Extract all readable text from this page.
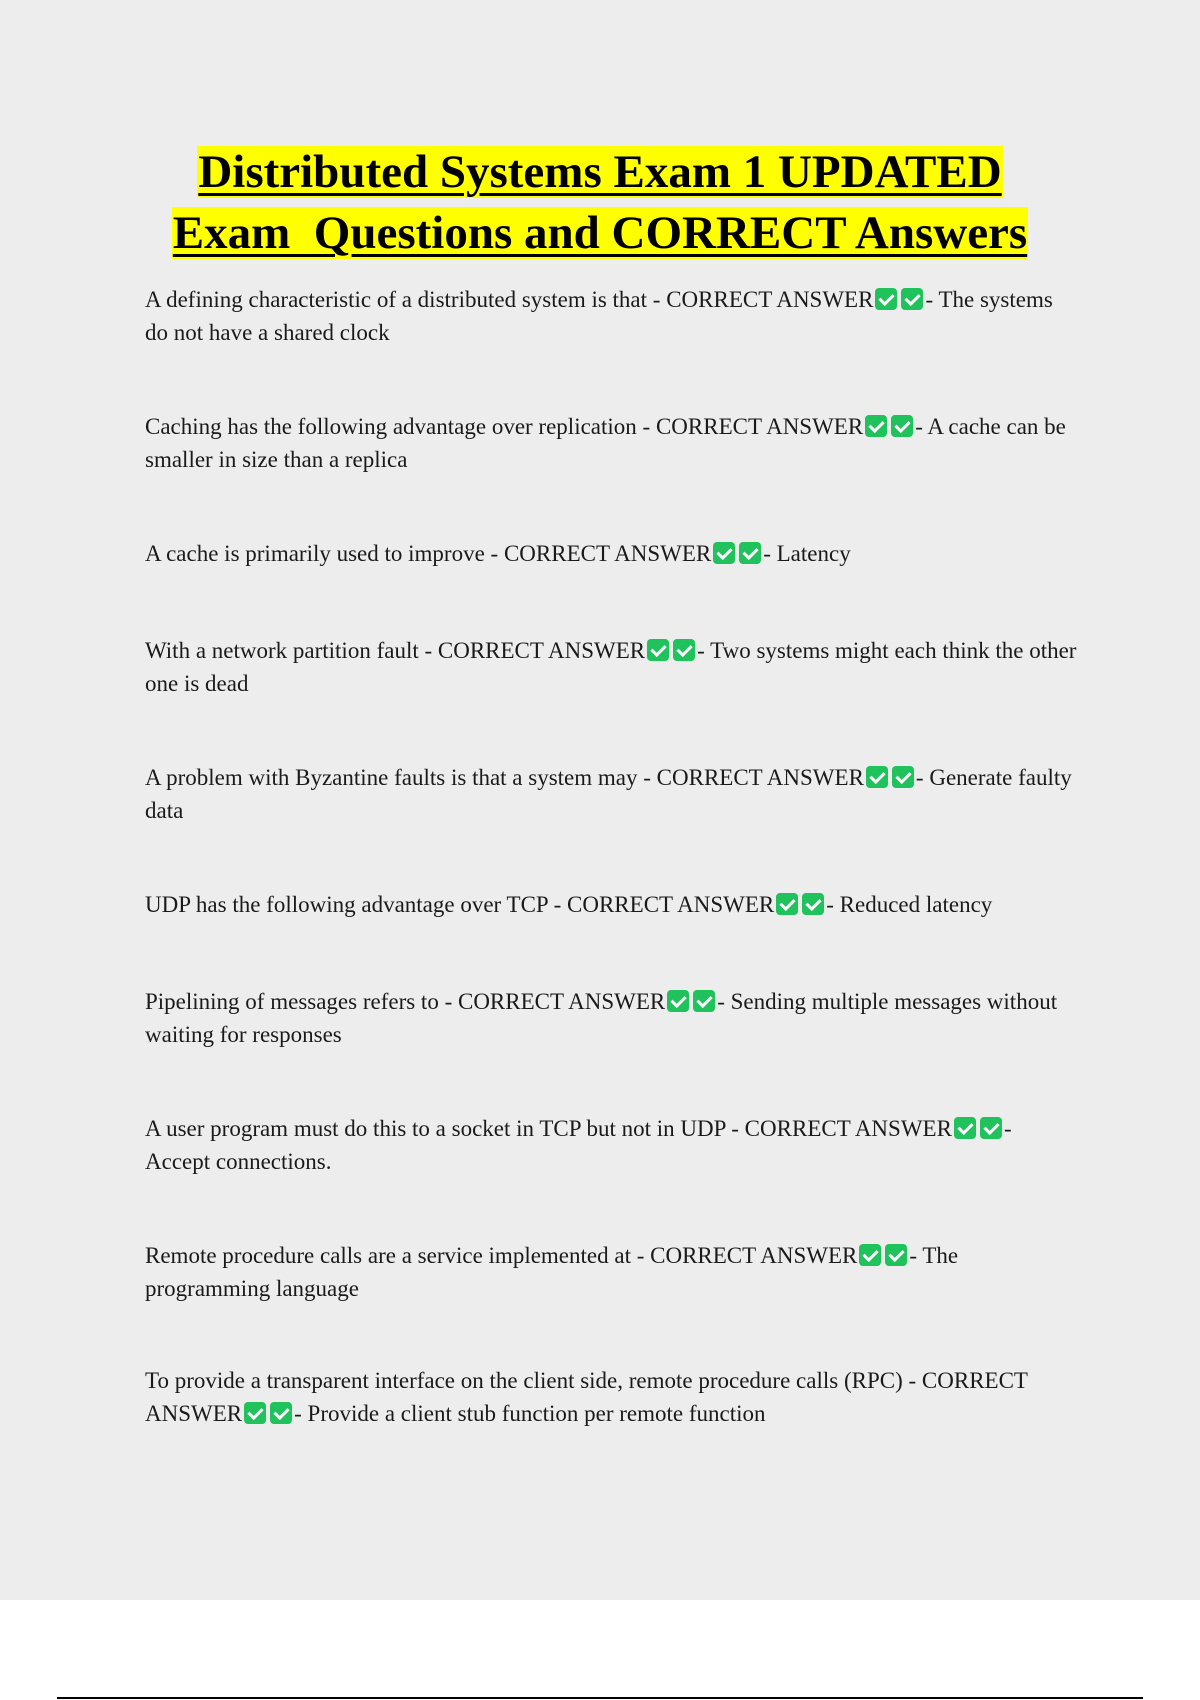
Distributed Systems Exam 1 UPDATED
Exam  Questions and CORRECT Answers
A defining characteristic of a distributed system is that - CORRECT ANSWER - The systems do not have a shared clock
Caching has the following advantage over replication - CORRECT ANSWER - A cache can be smaller in size than a replica
A cache is primarily used to improve - CORRECT ANSWER - Latency
With a network partition fault - CORRECT ANSWER - Two systems might each think the other one is dead
A problem with Byzantine faults is that a system may - CORRECT ANSWER - Generate faulty data
UDP has the following advantage over TCP - CORRECT ANSWER - Reduced latency
Pipelining of messages refers to - CORRECT ANSWER - Sending multiple messages without waiting for responses
A user program must do this to a socket in TCP but not in UDP - CORRECT ANSWER - Accept connections.
Remote procedure calls are a service implemented at - CORRECT ANSWER - The programming language
To provide a transparent interface on the client side, remote procedure calls (RPC) - CORRECT ANSWER - Provide a client stub function per remote function
